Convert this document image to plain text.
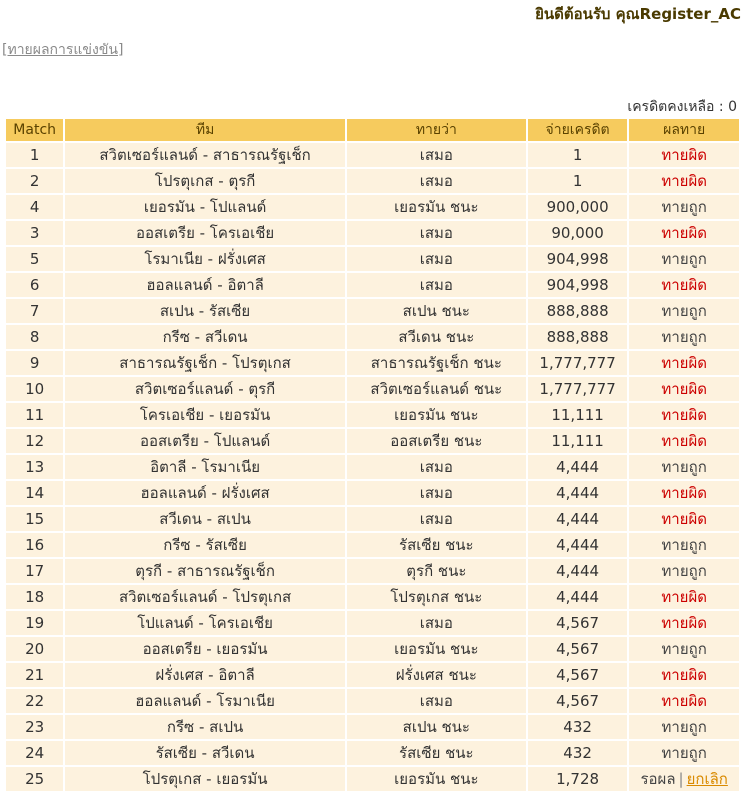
ยินดีต้อนรับ คุณRegister_AC
[ทายผลการแข่งขัน]
เครดิตคงเหลือ : 0
Match	ทีม	ทายว่า	จ่ายเครดิต	ผลทาย
1	สวิตเซอร์แลนด์ - สาธารณรัฐเช็ก	เสมอ	1	ทายผิด
2	โปรตุเกส - ตุรกี	เสมอ	1	ทายผิด
4	เยอรมัน - โปแลนด์	เยอรมัน ชนะ	900,000	ทายถูก
3	ออสเตรีย - โครเอเชีย	เสมอ	90,000	ทายผิด
5	โรมาเนีย - ฝรั่งเศส	เสมอ	904,998	ทายถูก
6	ฮอลแลนด์ - อิตาลี	เสมอ	904,998	ทายผิด
7	สเปน - รัสเซีย	สเปน ชนะ	888,888	ทายถูก
8	กรีซ - สวีเดน	สวีเดน ชนะ	888,888	ทายถูก
9	สาธารณรัฐเช็ก - โปรตุเกส	สาธารณรัฐเช็ก ชนะ	1,777,777	ทายผิด
10	สวิตเซอร์แลนด์ - ตุรกี	สวิตเซอร์แลนด์ ชนะ	1,777,777	ทายผิด
11	โครเอเชีย - เยอรมัน	เยอรมัน ชนะ	11,111	ทายผิด
12	ออสเตรีย - โปแลนด์	ออสเตรีย ชนะ	11,111	ทายผิด
13	อิตาลี - โรมาเนีย	เสมอ	4,444	ทายถูก
14	ฮอลแลนด์ - ฝรั่งเศส	เสมอ	4,444	ทายผิด
15	สวีเดน - สเปน	เสมอ	4,444	ทายผิด
16	กรีซ - รัสเซีย	รัสเซีย ชนะ	4,444	ทายถูก
17	ตุรกี - สาธารณรัฐเช็ก	ตุรกี ชนะ	4,444	ทายถูก
18	สวิตเซอร์แลนด์ - โปรตุเกส	โปรตุเกส ชนะ	4,444	ทายผิด
19	โปแลนด์ - โครเอเชีย	เสมอ	4,567	ทายผิด
20	ออสเตรีย - เยอรมัน	เยอรมัน ชนะ	4,567	ทายถูก
21	ฝรั่งเศส - อิตาลี	ฝรั่งเศส ชนะ	4,567	ทายผิด
22	ฮอลแลนด์ - โรมาเนีย	เสมอ	4,567	ทายผิด
23	กรีซ - สเปน	สเปน ชนะ	432	ทายถูก
24	รัสเซีย - สวีเดน	รัสเซีย ชนะ	432	ทายถูก
25	โปรตุเกส - เยอรมัน	เยอรมัน ชนะ	1,728	รอผล | ยกเลิก
